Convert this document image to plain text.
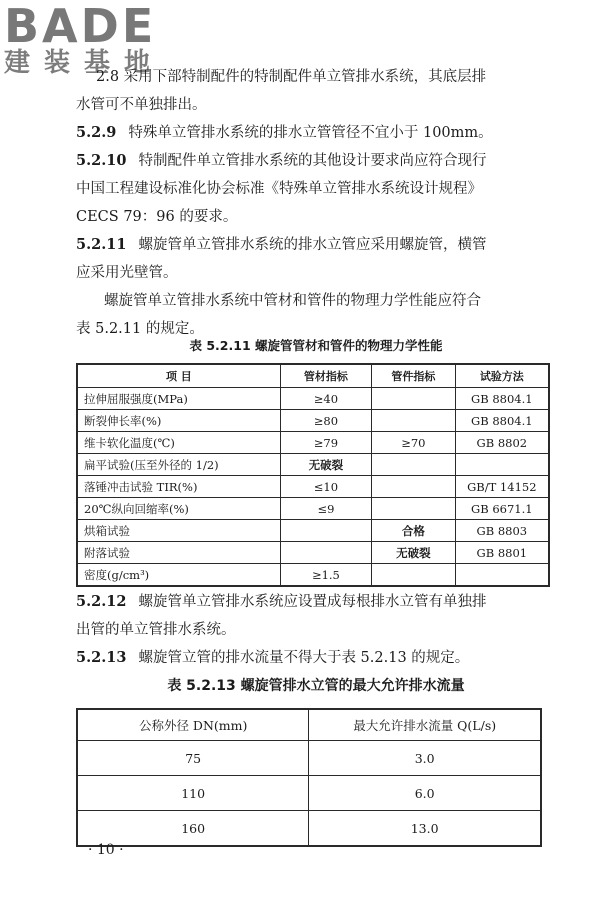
BADE
建装基地

2.8 采用下部特制配件的特制配件单立管排水系统，其底层排

水管可不单独排出。

5.2.9 特殊单立管排水系统的排水立管管径不宜小于 100mm。

5.2.10 特制配件单立管排水系统的其他设计要求尚应符合现行

中国工程建设标准化协会标准《特殊单立管排水系统设计规程》

CECS 79：96 的要求。

5.2.11 螺旋管单立管排水系统的排水立管应采用螺旋管，横管

应采用光壁管。

螺旋管单立管排水系统中管材和管件的物理力学性能应符合

表 5.2.11 的规定。

表 5.2.11 螺旋管管材和管件的物理力学性能
项 目	管材指标	管件指标	试验方法
拉伸屈服强度(MPa)	≥40		GB 8804.1
断裂伸长率(%)	≥80		GB 8804.1
维卡软化温度(℃)	≥79	≥70	GB 8802
扁平试验(压至外径的 1/2)	无破裂		
落锤冲击试验 TIR(%)	≤10		GB/T 14152
20℃纵向回缩率(%)	≤9		GB 6671.1
烘箱试验		合格	GB 8803
附落试验		无破裂	GB 8801
密度(g/cm³)	≥1.5		

5.2.12 螺旋管单立管排水系统应设置成每根排水立管有单独排

出管的单立管排水系统。

5.2.13 螺旋管立管的排水流量不得大于表 5.2.13 的规定。

表 5.2.13 螺旋管排水立管的最大允许排水流量
公称外径 DN(mm)	最大允许排水流量 Q(L/s)
75	3.0
110	6.0
160	13.0
· 10 ·
